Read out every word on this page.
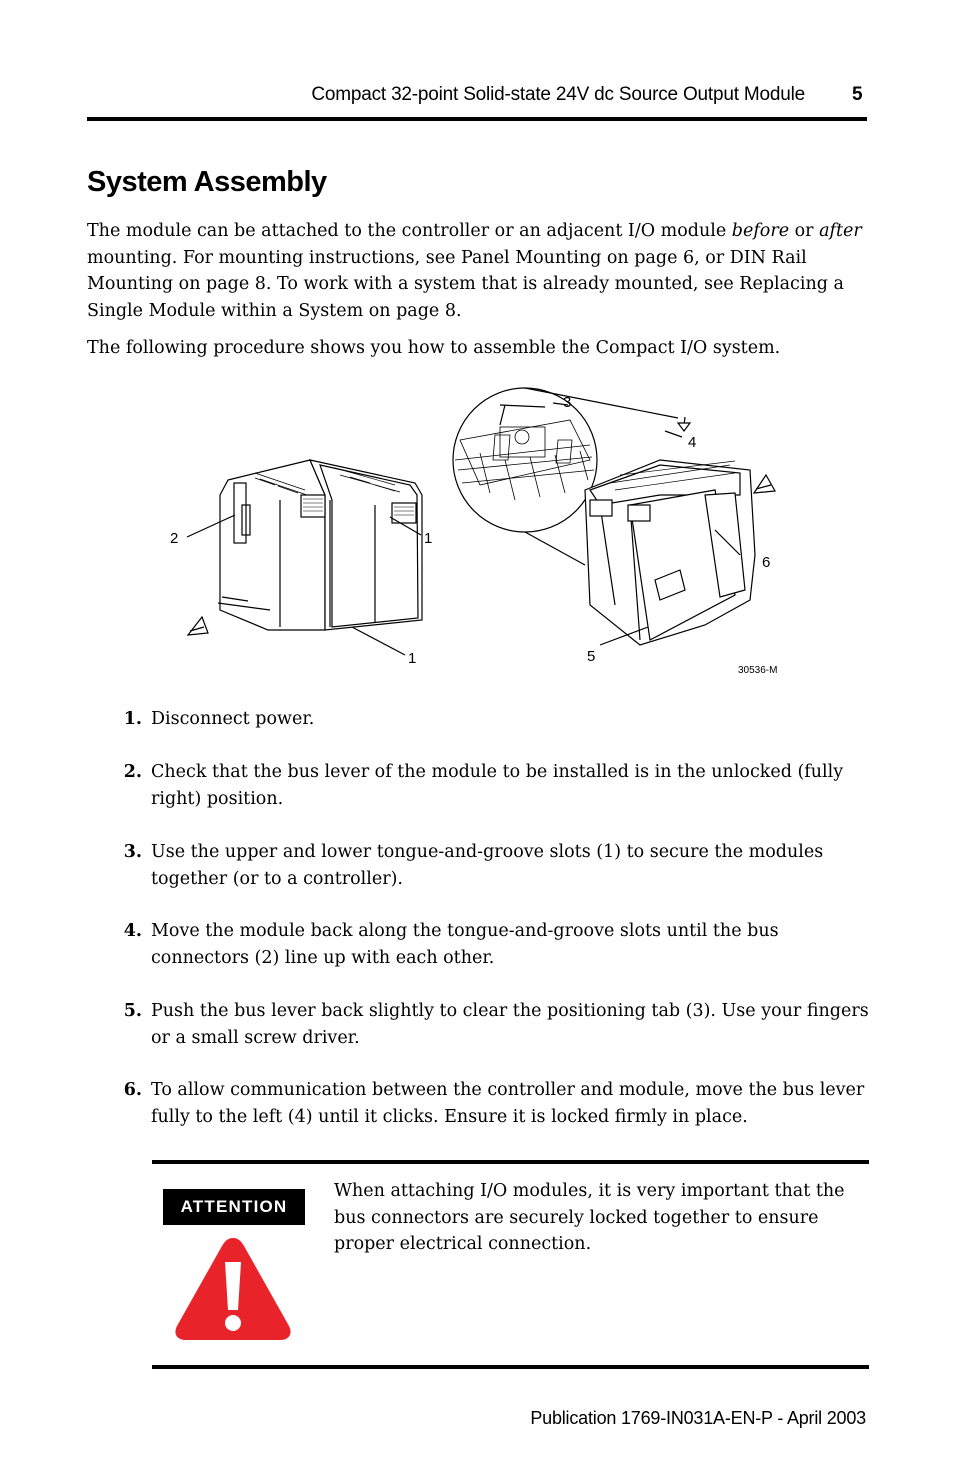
Compact 32-point Solid-state 24V dc Source Output Module 5
System Assembly

The module can be attached to the controller or an adjacent I/O module before or after mounting. For mounting instructions, see Panel Mounting on page 6, or DIN Rail Mounting on page 8. To work with a system that is already mounted, see Replacing a Single Module within a System on page 8.

The following procedure shows you how to assemble the Compact I/O system.

2	1
1
3
4
5
6
30536-M
1. Disconnect power.
2. Check that the bus lever of the module to be installed is in the unlocked (fully right) position.
3. Use the upper and lower tongue-and-groove slots (1) to secure the modules together (or to a controller).
4. Move the module back along the tongue-and-groove slots until the bus connectors (2) line up with each other.
5. Push the bus lever back slightly to clear the positioning tab (3). Use your fingers or a small screw driver.
6. To allow communication between the controller and module, move the bus lever fully to the left (4) until it clicks. Ensure it is locked firmly in place.
ATTENTION
When attaching I/O modules, it is very important that the bus connectors are securely locked together to ensure proper electrical connection.
Publication 1769-IN031A-EN-P - April 2003
